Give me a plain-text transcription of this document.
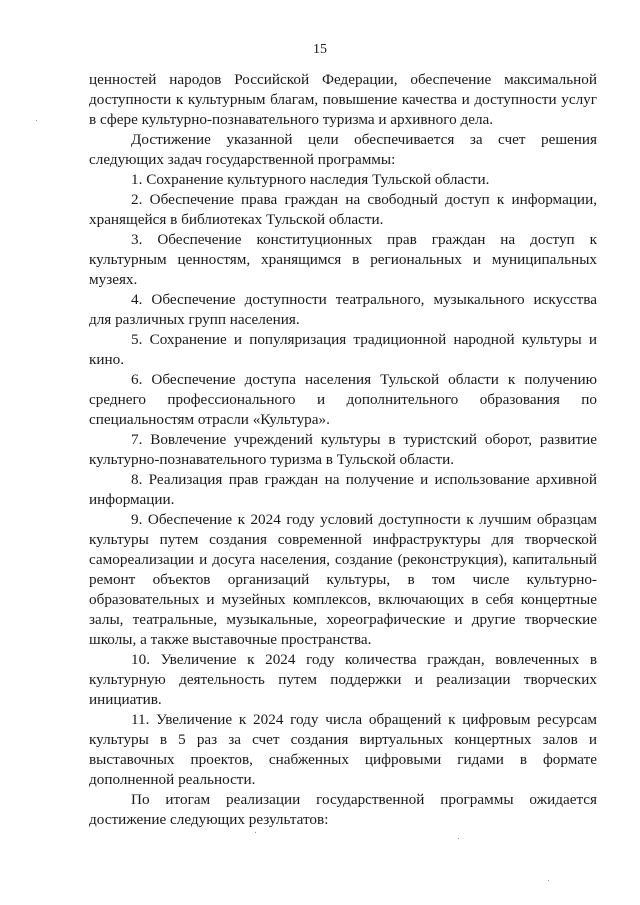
15

ценностей народов Российской Федерации, обеспечение максимальной доступности к культурным благам, повышение качества и доступности услуг в сфере культурно-познавательного туризма и архивного дела.

Достижение указанной цели обеспечивается за счет решения следующих задач государственной программы:

1. Сохранение культурного наследия Тульской области.

2. Обеспечение права граждан на свободный доступ к информации, хранящейся в библиотеках Тульской области.

3. Обеспечение конституционных прав граждан на доступ к культурным ценностям, хранящимся в региональных и муниципальных музеях.

4. Обеспечение доступности театрального, музыкального искусства для различных групп населения.

5. Сохранение и популяризация традиционной народной культуры и кино.

6. Обеспечение доступа населения Тульской области к получению среднего профессионального и дополнительного образования по специальностям отрасли «Культура».

7. Вовлечение учреждений культуры в туристский оборот, развитие культурно-познавательного туризма в Тульской области.

8. Реализация прав граждан на получение и использование архивной информации.

9. Обеспечение к 2024 году условий доступности к лучшим образцам культуры путем создания современной инфраструктуры для творческой самореализации и досуга населения, создание (реконструкция), капитальный ремонт объектов организаций культуры, в том числе культурно-образовательных и музейных комплексов, включающих в себя концертные залы, театральные, музыкальные, хореографические и другие творческие школы, а также выставочные пространства.

10. Увеличение к 2024 году количества граждан, вовлеченных в культурную деятельность путем поддержки и реализации творческих инициатив.

11. Увеличение к 2024 году числа обращений к цифровым ресурсам культуры в 5 раз за счет создания виртуальных концертных залов и выставочных проектов, снабженных цифровыми гидами в формате дополненной реальности.

По итогам реализации государственной программы ожидается достижение следующих результатов:
